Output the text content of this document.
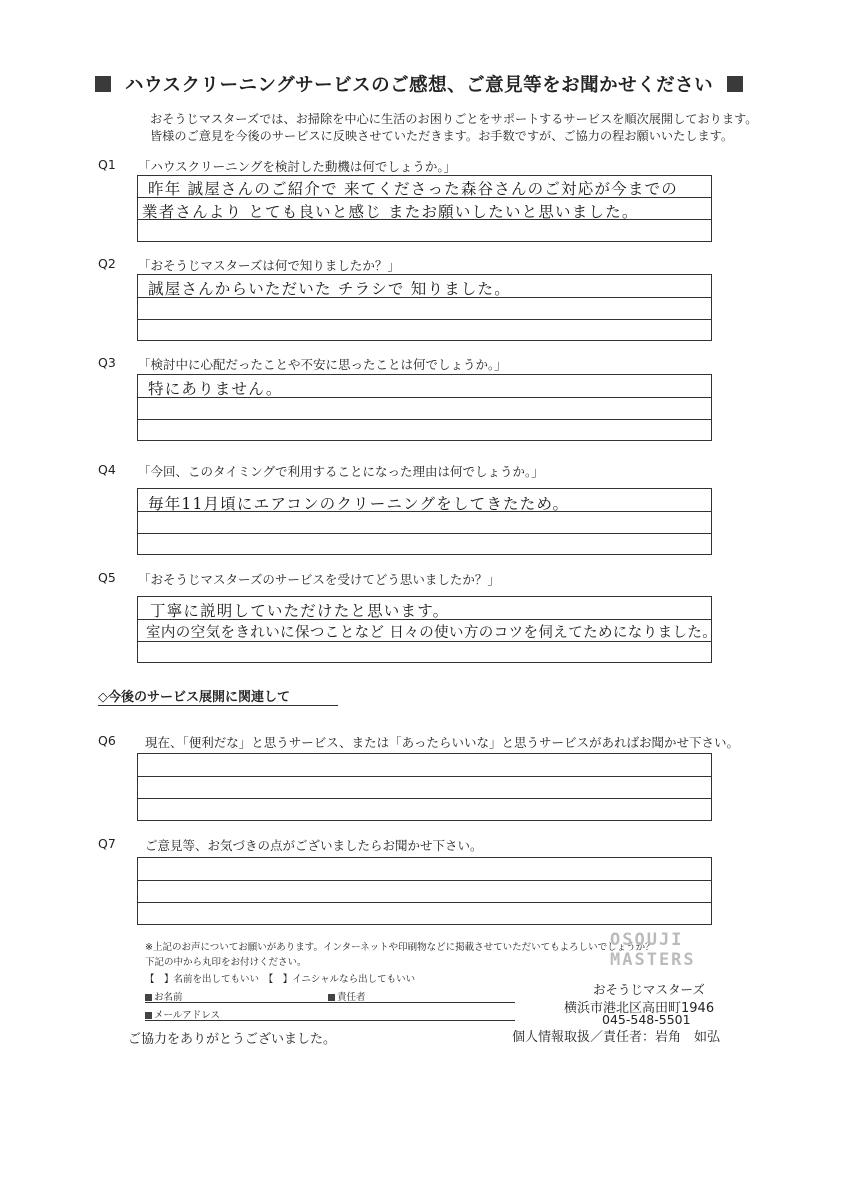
ハウスクリーニングサービスのご感想、ご意見等をお聞かせください
おそうじマスターズでは、お掃除を中心に生活のお困りごとをサポートするサービスを順次展開しております。
皆様のご意見を今後のサービスに反映させていただきます。お手数ですが、ご協力の程お願いいたします。
Q1 「ハウスクリーニングを検討した動機は何でしょうか。」
昨年 誠屋さんのご紹介で 来てくださった森谷さんのご対応が今までの
業者さんより とても良いと感じ またお願いしたいと思いました。
Q2 「おそうじマスターズは何で知りましたか？」
誠屋さんからいただいた チラシで 知りました。
Q3 「検討中に心配だったことや不安に思ったことは何でしょうか。」
特にありません。
Q4 「今回、このタイミングで利用することになった理由は何でしょうか。」
毎年11月頃にエアコンのクリーニングをしてきたため。
Q5 「おそうじマスターズのサービスを受けてどう思いましたか？」
丁寧に説明していただけたと思います。
室内の空気をきれいに保つことなど 日々の使い方のコツを伺えてためになりました。
◇今後のサービス展開に関連して
Q6 現在、「便利だな」と思うサービス、または「あったらいいな」と思うサービスがあればお聞かせ下さい。
Q7 ご意見等、お気づきの点がございましたらお聞かせ下さい。
※上記のお声についてお願いがあります。インターネットや印刷物などに掲載させていただいてもよろしいでしょうか？
下記の中から丸印をお付けください。
【　】名前を出してもいい　【　】イニシャルなら出してもいい
お名前	責任者
メールアドレス
ご協力をありがとうございました。
OSOUJI
MASTERS
おそうじマスターズ
横浜市港北区高田町1946
045-548-5501
個人情報取扱／責任者：岩角　如弘
